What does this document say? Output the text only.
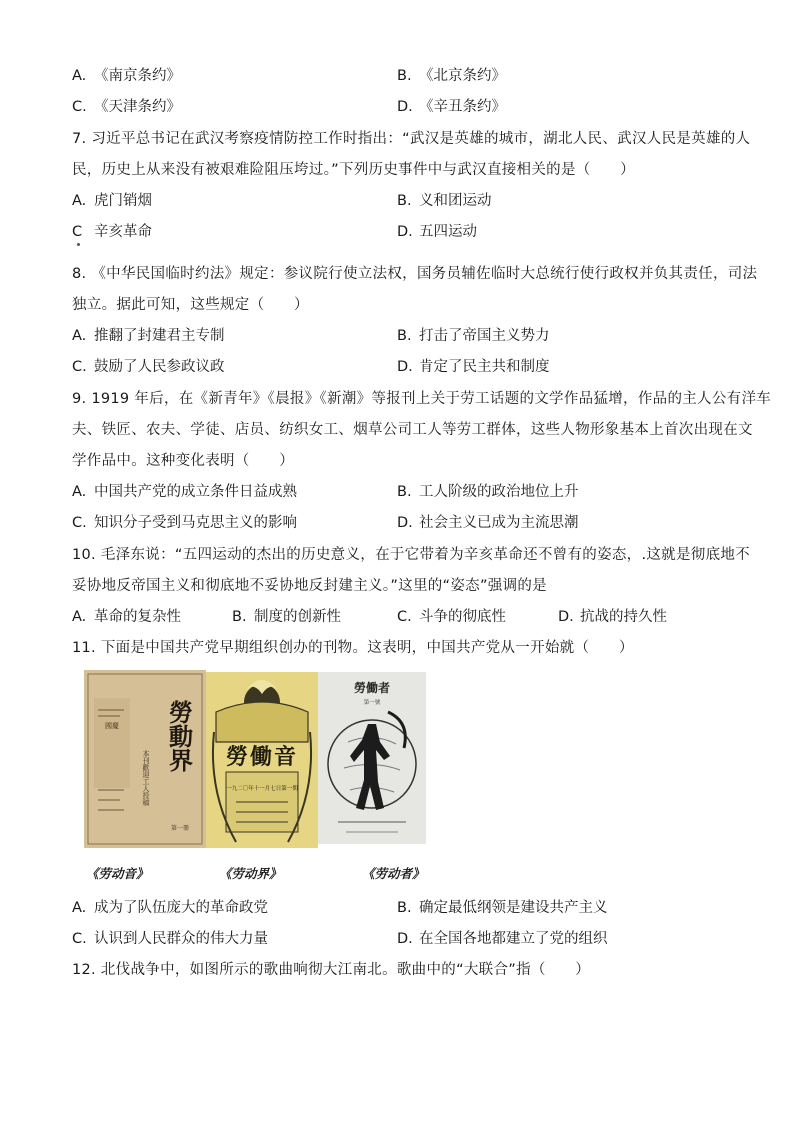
A. 《南京条约》	B. 《北京条约》
C. 《天津条约》	D. 《辛丑条约》
7. 习近平总书记在武汉考察疫情防控工作时指出：“武汉是英雄的城市，湖北人民、武汉人民是英雄的人
民，历史上从来没有被艰难险阻压垮过。”下列历史事件中与武汉直接相关的是（　　）
A. 虎门销烟	B. 义和团运动
C 辛亥革命	D. 五四运动
8. 《中华民国临时约法》规定：参议院行使立法权，国务员辅佐临时大总统行使行政权并负其责任，司法
独立。据此可知，这些规定（　　）
A. 推翻了封建君主专制	B. 打击了帝国主义势力
C. 鼓励了人民参政议政	D. 肯定了民主共和制度
9. 1919 年后，在《新青年》《晨报》《新潮》等报刊上关于劳工话题的文学作品猛增，作品的主人公有洋车
夫、铁匠、农夫、学徒、店员、纺织女工、烟草公司工人等劳工群体，这些人物形象基本上首次出现在文
学作品中。这种变化表明（　　）
A. 中国共产党的成立条件日益成熟	B. 工人阶级的政治地位上升
C. 知识分子受到马克思主义的影响	D. 社会主义已成为主流思潮
10. 毛泽东说：“五四运动的杰出的历史意义，在于它带着为辛亥革命还不曾有的姿态，.这就是彻底地不
妥协地反帝国主义和彻底地不妥协地反封建主义。”这里的“姿态”强调的是
A. 革命的复杂性	B. 制度的创新性	C. 斗争的彻底性	D. 抗战的持久性
11. 下面是中国共产党早期组织创办的刊物。这表明，中国共产党从一开始就（　　）
國慶
本刊歡迎工人投稿
勞動界
第一冊
勞働音
一九二〇年十一月七日第一期
勞働者
第一號
《劳动音》	《劳动界》	《劳动者》
A. 成为了队伍庞大的革命政党	B. 确定最低纲领是建设共产主义
C. 认识到人民群众的伟大力量	D. 在全国各地都建立了党的组织
12. 北伐战争中，如图所示的歌曲响彻大江南北。歌曲中的“大联合”指（　　）
